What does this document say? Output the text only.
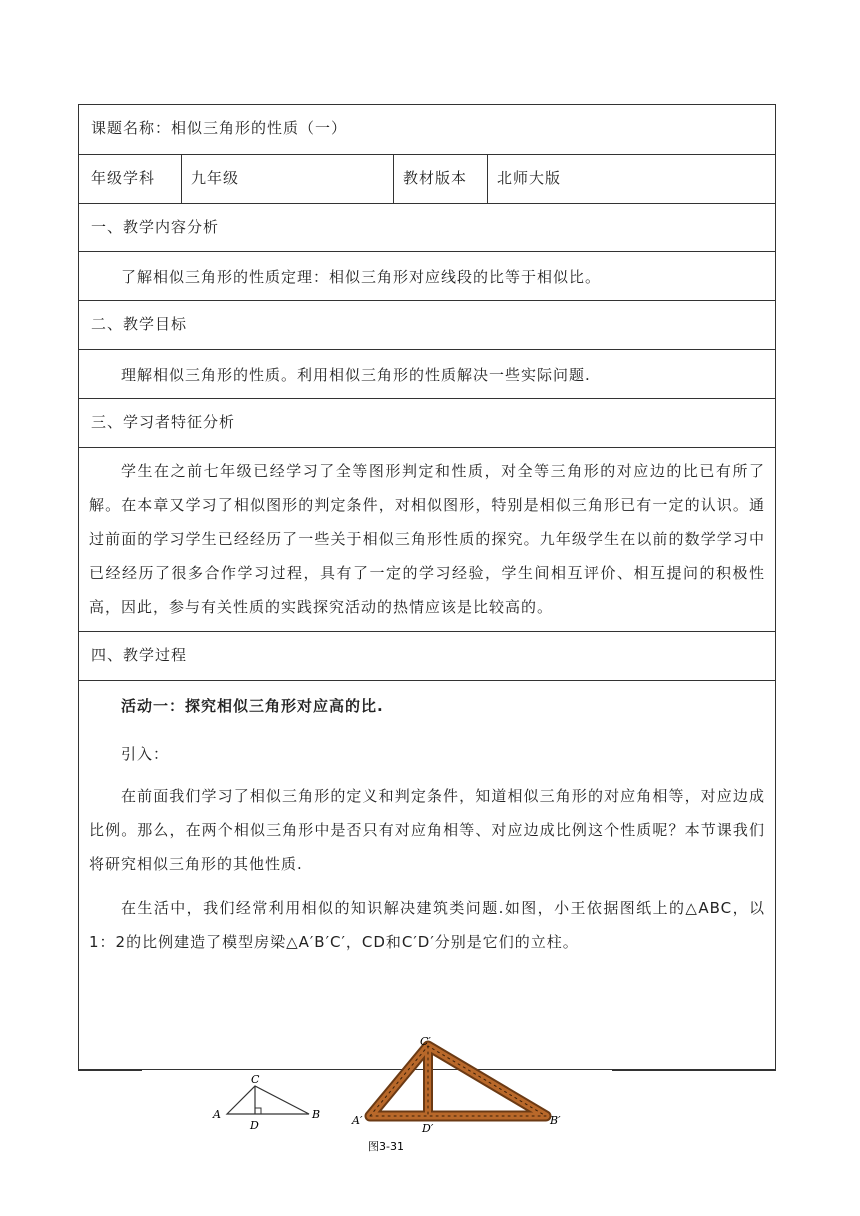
课题名称：相似三角形的性质（一）
年级学科 九年级	教材版本 北师大版
一、教学内容分析
了解相似三角形的性质定理：相似三角形对应线段的比等于相似比。
二、教学目标
理解相似三角形的性质。利用相似三角形的性质解决一些实际问题.
三、学习者特征分析
学生在之前七年级已经学习了全等图形判定和性质，对全等三角形的对应边的比已有所了解。在本章又学习了相似图形的判定条件，对相似图形，特别是相似三角形已有一定的认识。通过前面的学习学生已经经历了一些关于相似三角形性质的探究。九年级学生在以前的数学学习中已经经历了很多合作学习过程，具有了一定的学习经验，学生间相互评价、相互提问的积极性高，因此，参与有关性质的实践探究活动的热情应该是比较高的。
四、教学过程
活动一：探究相似三角形对应高的比.
引入：
在前面我们学习了相似三角形的定义和判定条件，知道相似三角形的对应角相等，对应边成比例。那么，在两个相似三角形中是否只有对应角相等、对应边成比例这个性质呢？本节课我们将研究相似三角形的其他性质.
在生活中，我们经常利用相似的知识解决建筑类问题.如图，小王依据图纸上的△ABC，以1：2的比例建造了模型房梁△A′B′C′，CD和C′D′分别是它们的立柱。
A	B
C
D	A′	B′
C′
D′
图3-31
